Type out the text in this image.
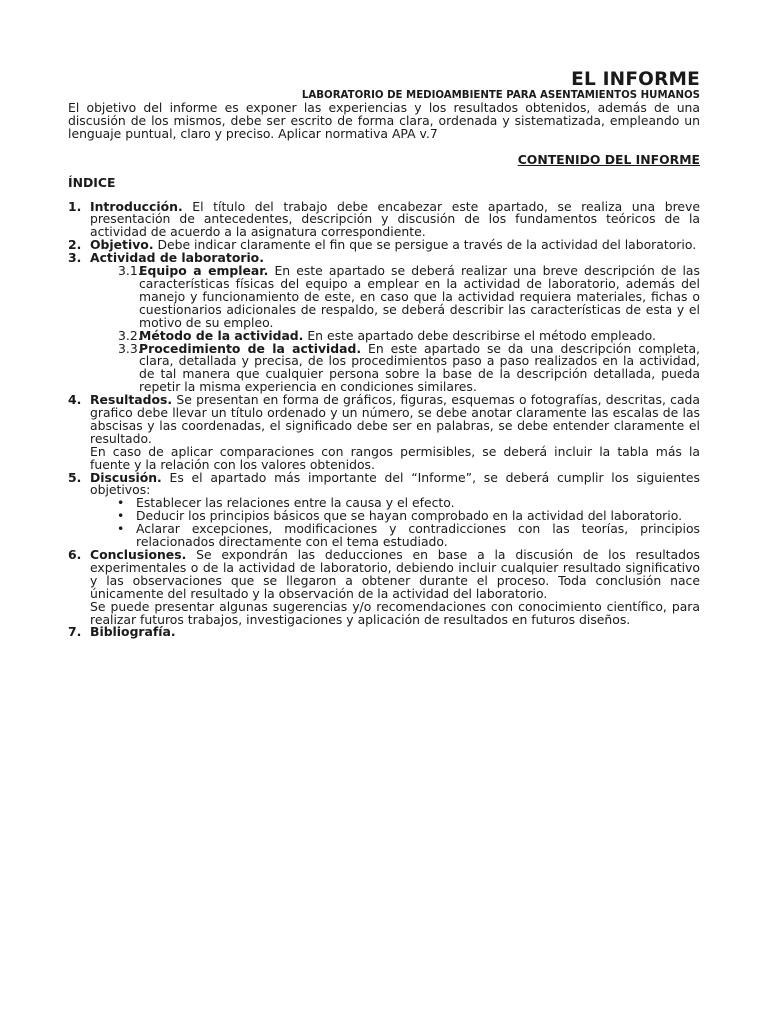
EL INFORME

LABORATORIO DE MEDIOAMBIENTE PARA ASENTAMIENTOS HUMANOS

El objetivo del informe es exponer las experiencias y los resultados obtenidos, además de una discusión de los mismos, debe ser escrito de forma clara, ordenada y sistematizada, empleando un lenguaje puntual, claro y preciso. Aplicar normativa APA v.7

CONTENIDO DEL INFORME

ÍNDICE

1. Introducción. El título del trabajo debe encabezar este apartado, se realiza una breve presentación de antecedentes, descripción y discusión de los fundamentos teóricos de la actividad de acuerdo a la asignatura correspondiente.
2. Objetivo. Debe indicar claramente el fin que se persigue a través de la actividad del laboratorio.
3. Actividad de laboratorio.
3.1.
Equipo a emplear. En este apartado se deberá realizar una breve descripción de las características físicas del equipo a emplear en la actividad de laboratorio, además del manejo y funcionamiento de este, en caso que la actividad requiera materiales, fichas o cuestionarios adicionales de respaldo, se deberá describir las características de esta y el motivo de su empleo.
3.2.
Método de la actividad. En este apartado debe describirse el método empleado.
3.3.
Procedimiento de la actividad. En este apartado se da una descripción completa, clara, detallada y precisa, de los procedimientos paso a paso realizados en la actividad, de tal manera que cualquier persona sobre la base de la descripción detallada, pueda repetir la misma experiencia en condiciones similares.
4. Resultados. Se presentan en forma de gráficos, figuras, esquemas o fotografías, descritas, cada grafico debe llevar un título ordenado y un número, se debe anotar claramente las escalas de las abscisas y las coordenadas, el significado debe ser en palabras, se debe entender claramente el resultado.

En caso de aplicar comparaciones con rangos permisibles, se deberá incluir la tabla más la fuente y la relación con los valores obtenidos.

5. Discusión. Es el apartado más importante del “Informe”, se deberá cumplir los siguientes objetivos:
• Establecer las relaciones entre la causa y el efecto.
• Deducir los principios básicos que se hayan comprobado en la actividad del laboratorio.
• Aclarar excepciones, modificaciones y contradicciones con las teorías, principios relacionados directamente con el tema estudiado.
6. Conclusiones. Se expondrán las deducciones en base a la discusión de los resultados experimentales o de la actividad de laboratorio, debiendo incluir cualquier resultado significativo y las observaciones que se llegaron a obtener durante el proceso. Toda conclusión nace únicamente del resultado y la observación de la actividad del laboratorio.

Se puede presentar algunas sugerencias y/o recomendaciones con conocimiento científico, para realizar futuros trabajos, investigaciones y aplicación de resultados en futuros diseños.

7. Bibliografía.
